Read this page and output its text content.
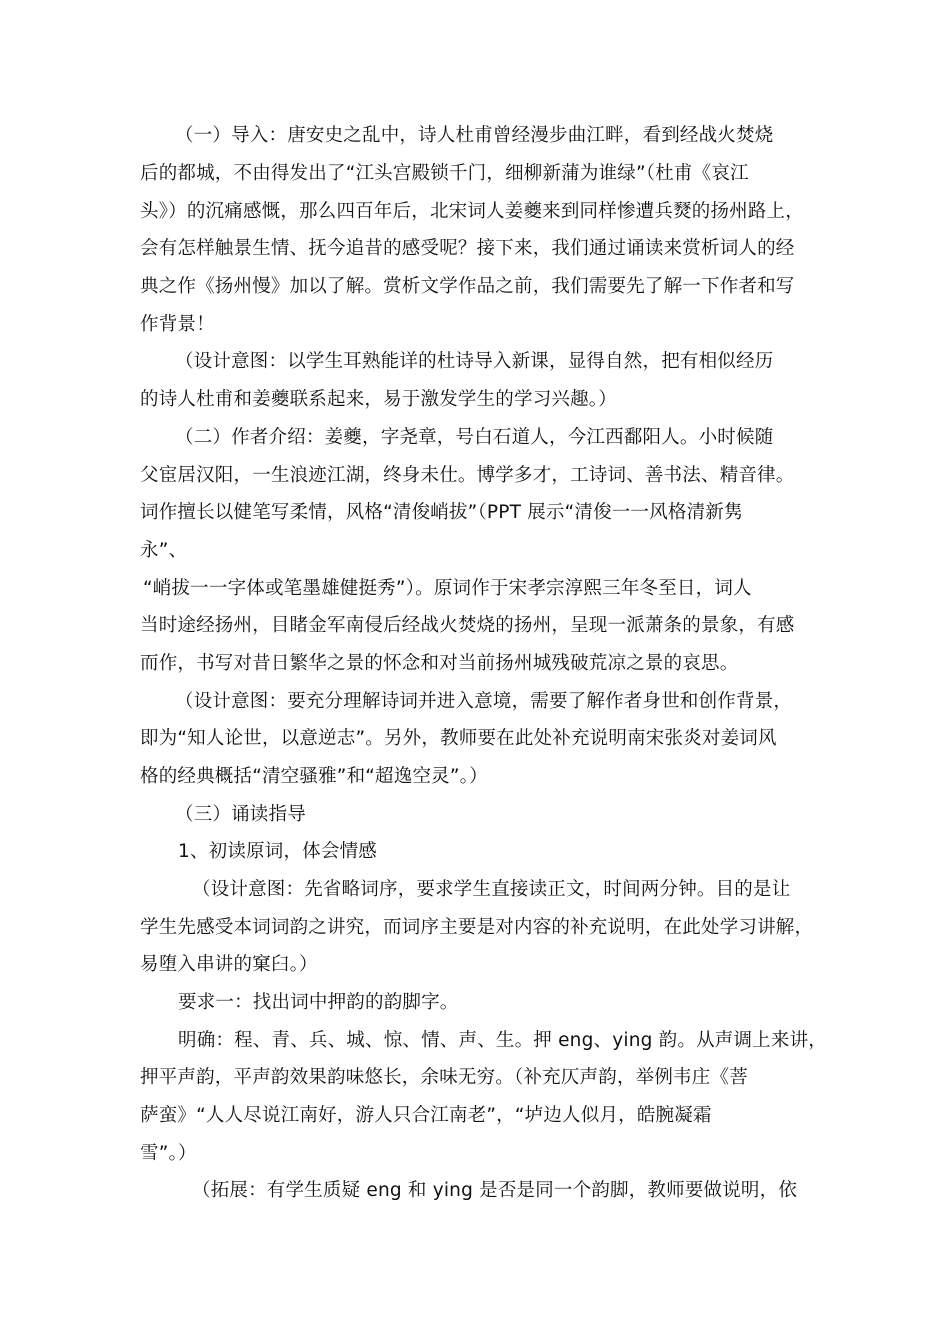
（一）导入：唐安史之乱中，诗人杜甫曾经漫步曲江畔，看到经战火焚烧
后的都城，不由得发出了“江头宫殿锁千门，细柳新蒲为谁绿”（杜甫《哀江
头》）的沉痛感慨，那么四百年后，北宋词人姜夔来到同样惨遭兵燹的扬州路上，
会有怎样触景生情、抚今追昔的感受呢？接下来，我们通过诵读来赏析词人的经
典之作《扬州慢》加以了解。赏析文学作品之前，我们需要先了解一下作者和写
作背景！
（设计意图：以学生耳熟能详的杜诗导入新课，显得自然，把有相似经历
的诗人杜甫和姜夔联系起来，易于激发学生的学习兴趣。）
（二）作者介绍：姜夔，字尧章，号白石道人，今江西鄱阳人。小时候随
父宦居汉阳，一生浪迹江湖，终身未仕。博学多才，工诗词、善书法、精音律。
词作擅长以健笔写柔情，风格“清俊峭拔”（PPT 展示“清俊一一风格清新隽
永”、
“峭拔一一字体或笔墨雄健挺秀”）。原词作于宋孝宗淳熙三年冬至日，词人
当时途经扬州，目睹金军南侵后经战火焚烧的扬州，呈现一派萧条的景象，有感
而作，书写对昔日繁华之景的怀念和对当前扬州城残破荒凉之景的哀思。
（设计意图：要充分理解诗词并进入意境，需要了解作者身世和创作背景，
即为“知人论世，以意逆志”。另外，教师要在此处补充说明南宋张炎对姜词风
格的经典概括“清空骚雅”和“超逸空灵”。）
（三）诵读指导
1、初读原词，体会情感
（设计意图：先省略词序，要求学生直接读正文，时间两分钟。目的是让
学生先感受本词词韵之讲究，而词序主要是对内容的补充说明，在此处学习讲解，
易堕入串讲的窠臼。）
要求一：找出词中押韵的韵脚字。
明确：程、青、兵、城、惊、情、声、生。押 eng、ying 韵。从声调上来讲，
押平声韵，平声韵效果韵味悠长，余味无穷。（补充仄声韵，举例韦庄《菩
萨蛮》“人人尽说江南好，游人只合江南老”，“垆边人似月，皓腕凝霜
雪”。）
（拓展：有学生质疑 eng 和 ying 是否是同一个韵脚，教师要做说明，依
